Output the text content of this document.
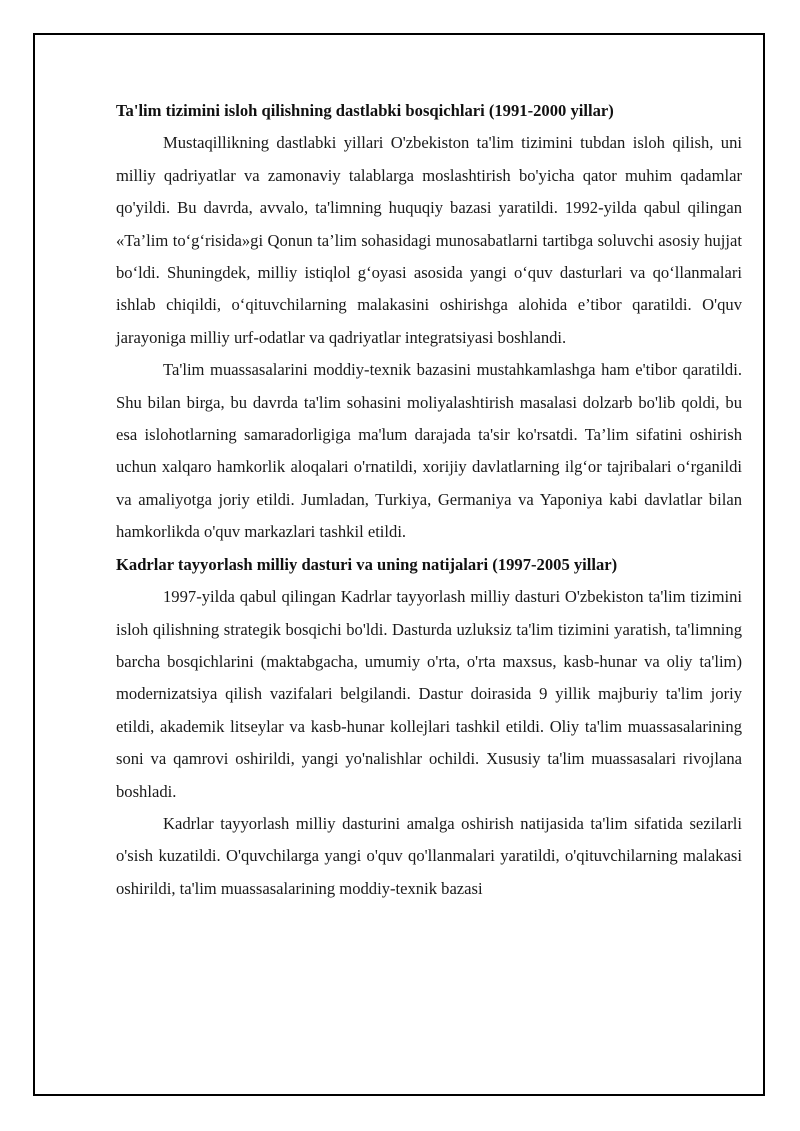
Ta'lim tizimini isloh qilishning dastlabki bosqichlari (1991-2000 yillar)

Mustaqillikning dastlabki yillari O'zbekiston ta'lim tizimini tubdan isloh qilish, uni milliy qadriyatlar va zamonaviy talablarga moslashtirish bo'yicha qator muhim qadamlar qo'yildi. Bu davrda, avvalo, ta'limning huquqiy bazasi yaratildi. 1992-yilda qabul qilingan «Ta’lim to‘g‘risida»gi Qonun ta’lim sohasidagi munosabatlarni tartibga soluvchi asosiy hujjat bo‘ldi. Shuningdek, milliy istiqlol g‘oyasi asosida yangi o‘quv dasturlari va qo‘llanmalari ishlab chiqildi, o‘qituvchilarning malakasini oshirishga alohida e’tibor qaratildi. O'quv jarayoniga milliy urf-odatlar va qadriyatlar integratsiyasi boshlandi.

Ta'lim muassasalarini moddiy-texnik bazasini mustahkamlashga ham e'tibor qaratildi. Shu bilan birga, bu davrda ta'lim sohasini moliyalashtirish masalasi dolzarb bo'lib qoldi, bu esa islohotlarning samaradorligiga ma'lum darajada ta'sir ko'rsatdi. Ta’lim sifatini oshirish uchun xalqaro hamkorlik aloqalari o'rnatildi, xorijiy davlatlarning ilg‘or tajribalari o‘rganildi va amaliyotga joriy etildi. Jumladan, Turkiya, Germaniya va Yaponiya kabi davlatlar bilan hamkorlikda o'quv markazlari tashkil etildi.

Kadrlar tayyorlash milliy dasturi va uning natijalari (1997-2005 yillar)

1997-yilda qabul qilingan Kadrlar tayyorlash milliy dasturi O'zbekiston ta'lim tizimini isloh qilishning strategik bosqichi bo'ldi. Dasturda uzluksiz ta'lim tizimini yaratish, ta'limning barcha bosqichlarini (maktabgacha, umumiy o'rta, o'rta maxsus, kasb-hunar va oliy ta'lim) modernizatsiya qilish vazifalari belgilandi. Dastur doirasida 9 yillik majburiy ta'lim joriy etildi, akademik litseylar va kasb-hunar kollejlari tashkil etildi. Oliy ta'lim muassasalarining soni va qamrovi oshirildi, yangi yo'nalishlar ochildi. Xususiy ta'lim muassasalari rivojlana boshladi.

Kadrlar tayyorlash milliy dasturini amalga oshirish natijasida ta'lim sifatida sezilarli o'sish kuzatildi. O'quvchilarga yangi o'quv qo'llanmalari yaratildi, o'qituvchilarning malakasi oshirildi, ta'lim muassasalarining moddiy-texnik bazasi
